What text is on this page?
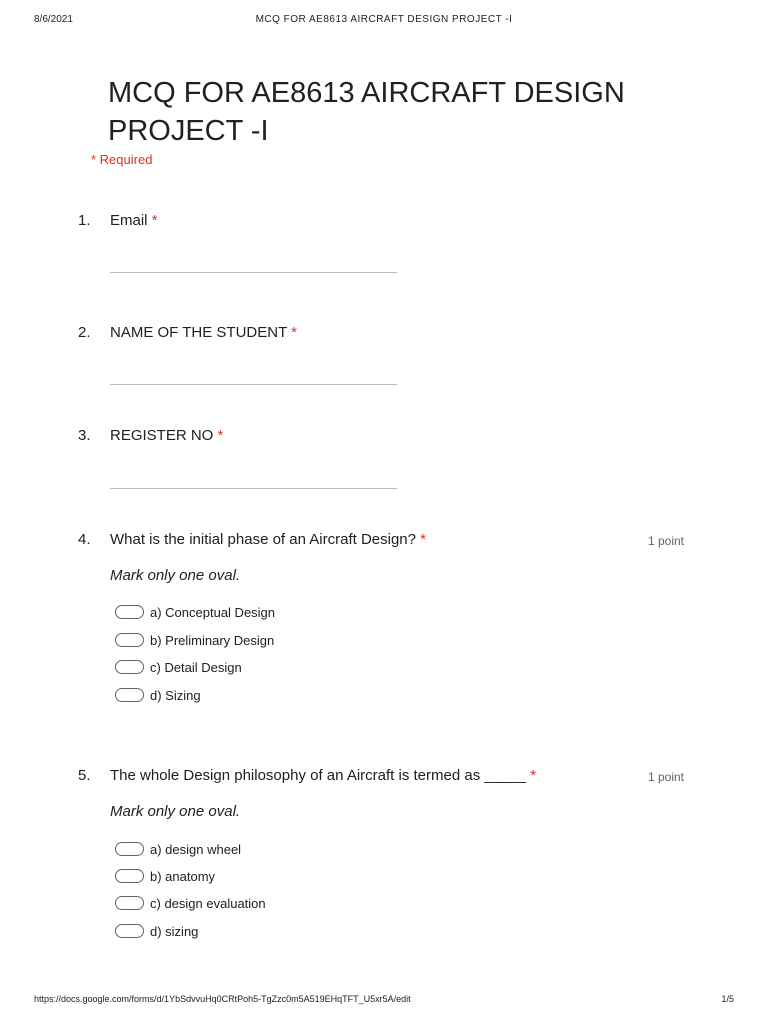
8/6/2021	MCQ FOR AE8613 AIRCRAFT DESIGN PROJECT -I
MCQ FOR AE8613 AIRCRAFT DESIGN PROJECT -I
* Required
1. Email *
2. NAME OF THE STUDENT *
3. REGISTER NO *
4. What is the initial phase of an Aircraft Design? *	1 point
Mark only one oval.
a) Conceptual Design
b) Preliminary Design
c) Detail Design
d) Sizing
5. The whole Design philosophy of an Aircraft is termed as _____ *	1 point
Mark only one oval.
a) design wheel
b) anatomy
c) design evaluation
d) sizing
https://docs.google.com/forms/d/1YbSdvvuHq0CRtPoh5-TgZzc0m5A519EHqTFT_U5xr5A/edit	1/5
